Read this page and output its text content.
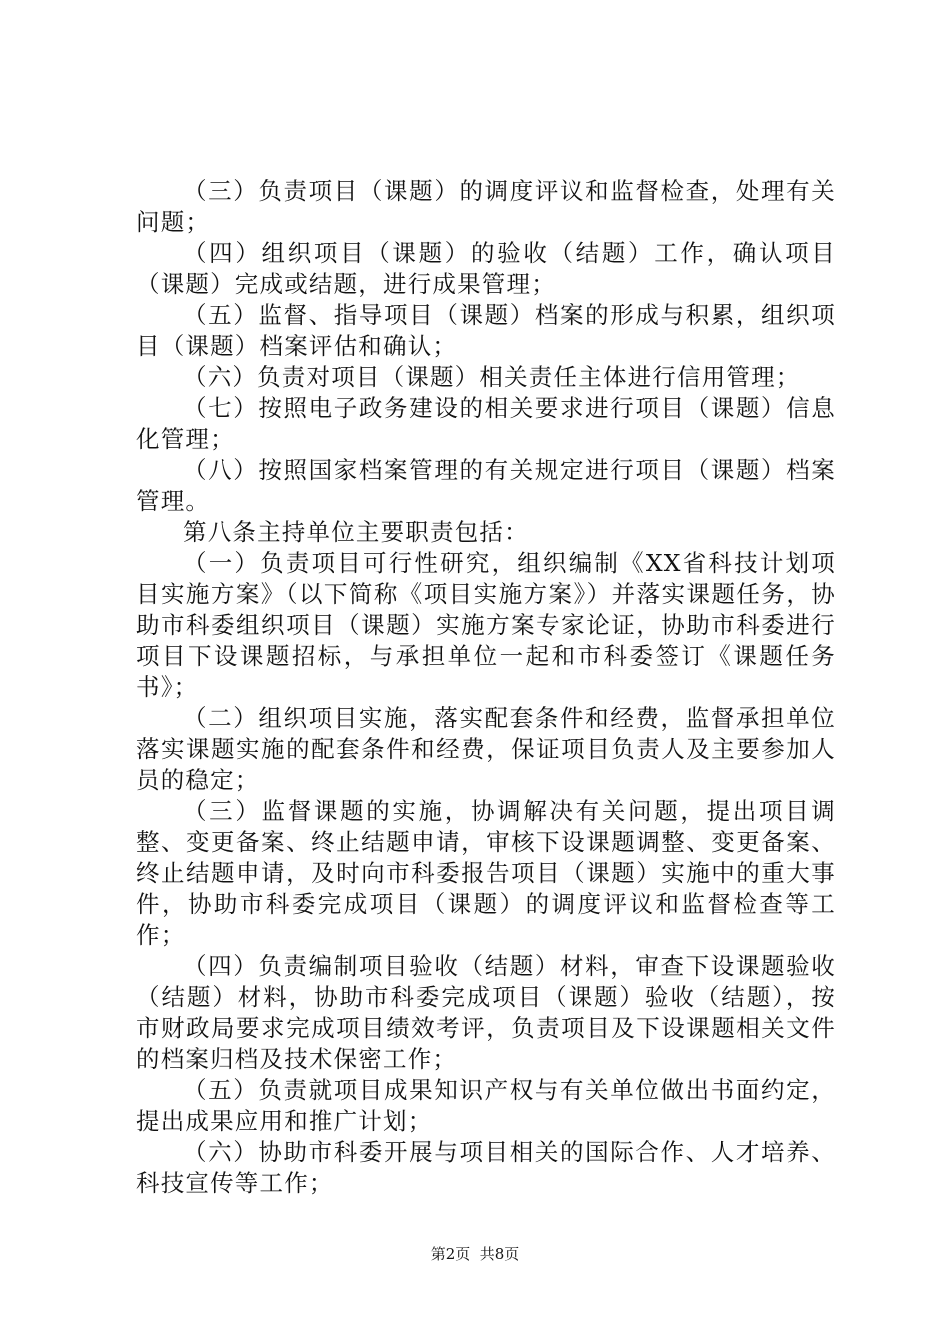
（三）负责项目（课题）的调度评议和监督检查，处理有关问题；

（四）组织项目（课题）的验收（结题）工作，确认项目（课题）完成或结题，进行成果管理；

（五）监督、指导项目（课题）档案的形成与积累，组织项目（课题）档案评估和确认；

（六）负责对项目（课题）相关责任主体进行信用管理；

（七）按照电子政务建设的相关要求进行项目（课题）信息化管理；

（八）按照国家档案管理的有关规定进行项目（课题）档案管理。

第八条主持单位主要职责包括：

（一）负责项目可行性研究，组织编制《XX省科技计划项目实施方案》（以下简称《项目实施方案》）并落实课题任务，协助市科委组织项目（课题）实施方案专家论证，协助市科委进行项目下设课题招标，与承担单位一起和市科委签订《课题任务书》；

（二）组织项目实施，落实配套条件和经费，监督承担单位落实课题实施的配套条件和经费，保证项目负责人及主要参加人员的稳定；

（三）监督课题的实施，协调解决有关问题，提出项目调整、变更备案、终止结题申请，审核下设课题调整、变更备案、终止结题申请，及时向市科委报告项目（课题）实施中的重大事件，协助市科委完成项目（课题）的调度评议和监督检查等工作；

（四）负责编制项目验收（结题）材料，审查下设课题验收（结题）材料，协助市科委完成项目（课题）验收（结题），按市财政局要求完成项目绩效考评，负责项目及下设课题相关文件的档案归档及技术保密工作；

（五）负责就项目成果知识产权与有关单位做出书面约定，提出成果应用和推广计划；

（六）协助市科委开展与项目相关的国际合作、人才培养、科技宣传等工作；

第2页  共8页
